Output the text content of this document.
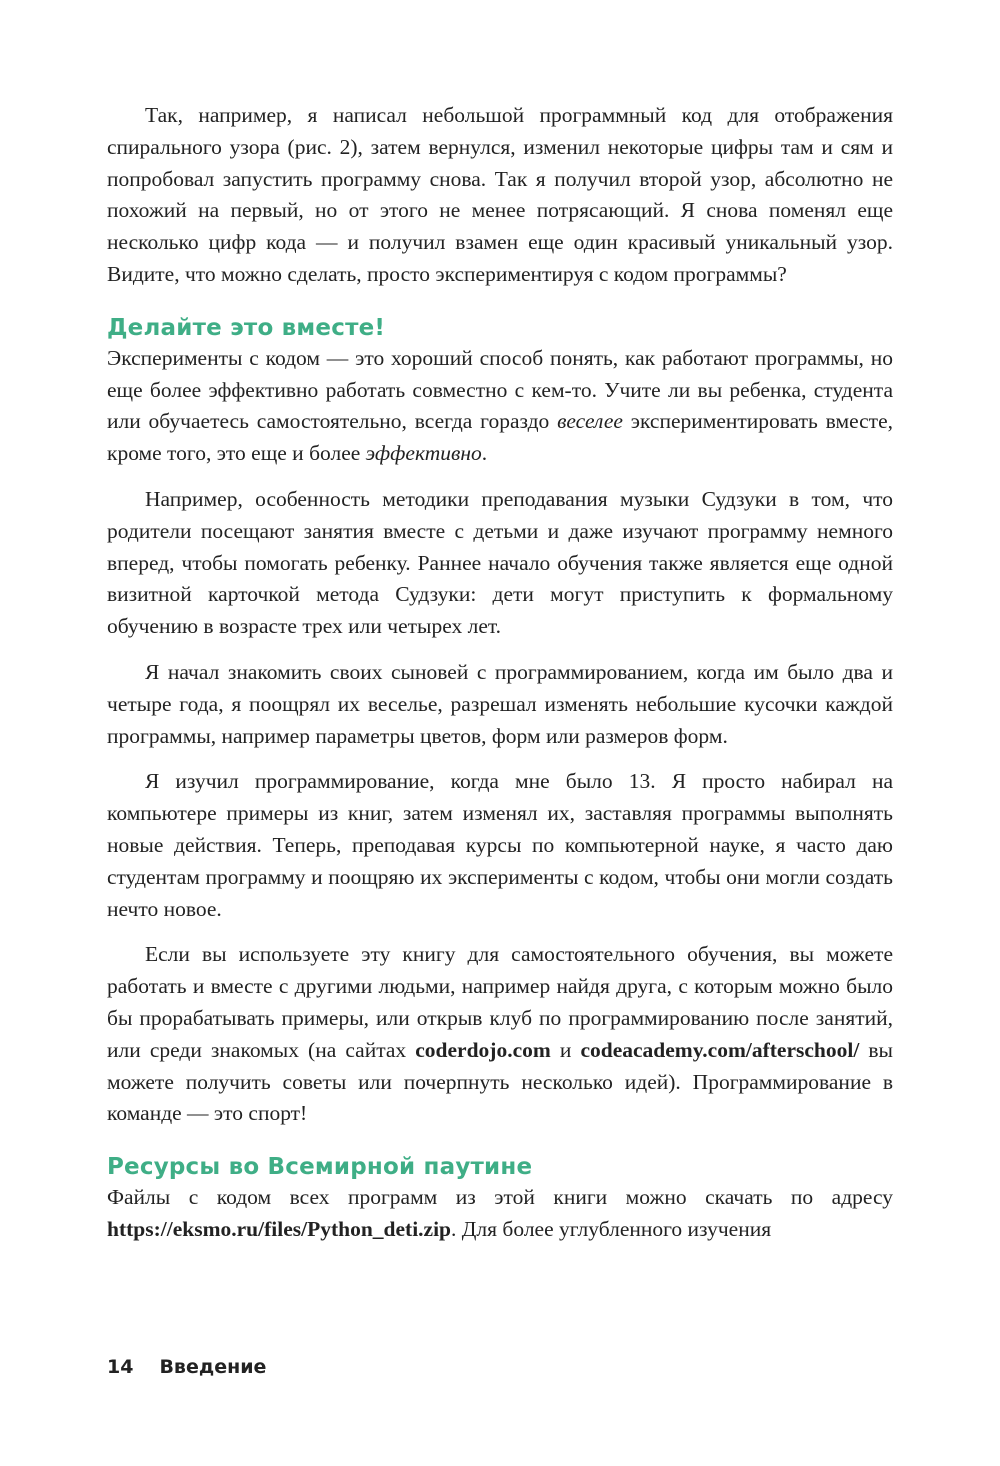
Так, например, я написал небольшой программный код для отображения спирального узора (рис. 2), затем вернулся, изменил некоторые цифры там и сям и попробовал запустить программу снова. Так я получил второй узор, абсолютно не похожий на первый, но от этого не менее потрясающий. Я снова поменял еще несколько цифр кода — и получил взамен еще один красивый уникальный узор. Видите, что можно сделать, просто экспериментируя с кодом программы?

Делайте это вместе!

Эксперименты с кодом — это хороший способ понять, как работают программы, но еще более эффективно работать совместно с кем-то. Учите ли вы ребенка, студента или обучаетесь самостоятельно, всегда гораздо веселее экспериментировать вместе, кроме того, это еще и более эффективно.

Например, особенность методики преподавания музыки Судзуки в том, что родители посещают занятия вместе с детьми и даже изучают программу немного вперед, чтобы помогать ребенку. Раннее начало обучения также является еще одной визитной карточкой метода Судзуки: дети могут приступить к формальному обучению в возрасте трех или четырех лет.

Я начал знакомить своих сыновей с программированием, когда им было два и четыре года, я поощрял их веселье, разрешал изменять небольшие кусочки каждой программы, например параметры цветов, форм или размеров форм.

Я изучил программирование, когда мне было 13. Я просто набирал на компьютере примеры из книг, затем изменял их, заставляя программы выполнять новые действия. Теперь, преподавая курсы по компьютерной науке, я часто даю студентам программу и поощряю их эксперименты с кодом, чтобы они могли создать нечто новое.

Если вы используете эту книгу для самостоятельного обучения, вы можете работать и вместе с другими людьми, например найдя друга, с которым можно было бы прорабатывать примеры, или открыв клуб по программированию после занятий, или среди знакомых (на сайтах coderdojo.com и codeacademy.com/afterschool/ вы можете получить советы или почерпнуть несколько идей). Программирование в команде — это спорт!

Ресурсы во Всемирной паутине

Файлы с кодом всех программ из этой книги можно скачать по адресу https://eksmo.ru/files/Python_deti.zip. Для более углубленного изучения

14 Введение
